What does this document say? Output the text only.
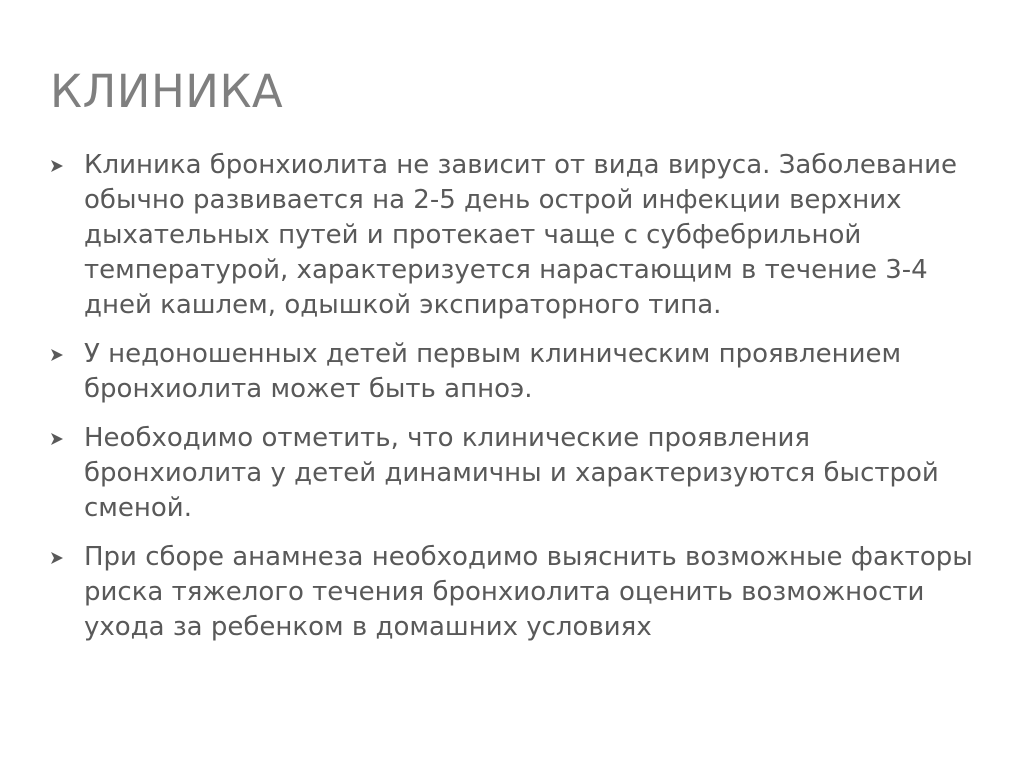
КЛИНИКА
Клиника бронхиолита не зависит от вида вируса. Заболевание обычно развивается на 2-5 день острой инфекции верхних дыхательных путей и протекает чаще с субфебрильной температурой, характеризуется нарастающим в течение 3-4 дней кашлем, одышкой экспираторного типа.
У недоношенных детей первым клиническим проявлением бронхиолита может быть апноэ.
Необходимо отметить, что клинические проявления бронхиолита у детей динамичны и характеризуются быстрой сменой.
При сборе анамнеза необходимо выяснить возможные факторы риска тяжелого течения бронхиолита оценить возможности ухода за ребенком в домашних условиях
